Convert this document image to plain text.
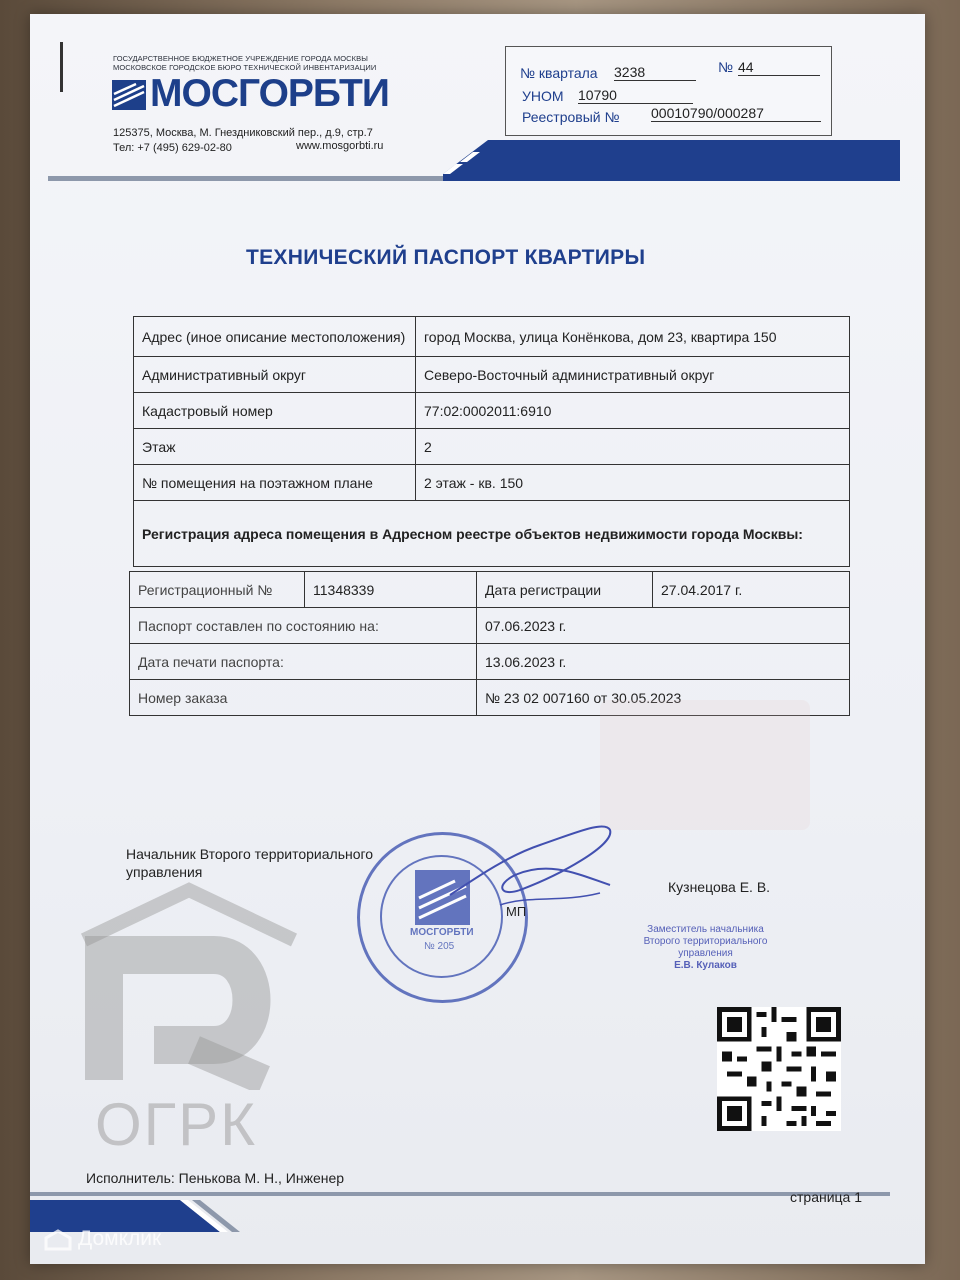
ГОСУДАРСТВЕННОЕ БЮДЖЕТНОЕ УЧРЕЖДЕНИЕ ГОРОДА МОСКВЫ
МОСКОВСКОЕ ГОРОДСКОЕ БЮРО ТЕХНИЧЕСКОЙ ИНВЕНТАРИЗАЦИИ
МОСГОРБТИ
125375, Москва, М. Гнездниковский пер., д.9, стр.7
Тел: +7 (495) 629-02-80	www.mosgorbti.ru
№ квартала 3238	№ 44
УНОМ 10790
Реестровый № 00010790/000287
ТЕХНИЧЕСКИЙ ПАСПОРТ КВАРТИРЫ
Адрес (иное описание местоположения)	город Москва, улица Конёнкова, дом 23, квартира 150
Административный округ	Северо-Восточный административный округ
Кадастровый номер	77:02:0002011:6910
Этаж	2
№ помещения на поэтажном плане	2 этаж - кв. 150
Регистрация адреса помещения в Адресном реестре объектов недвижимости города Москвы:	
Регистрационный №	11348339	Дата регистрации	27.04.2017 г.
Паспорт составлен по состоянию на:		07.06.2023 г.	
Дата печати паспорта:		13.06.2023 г.	
Номер заказа		№ 23 02 007160 от 30.05.2023	
Начальник Второго территориального управления
МОСГОРБТИ
№ 205
МП
Кузнецова Е. В.
Заместитель начальника
Второго территориального
управления
Е.В. Кулаков
ОГРК
Исполнитель: Пенькова М. Н., Инженер
страница 1
Домклик
